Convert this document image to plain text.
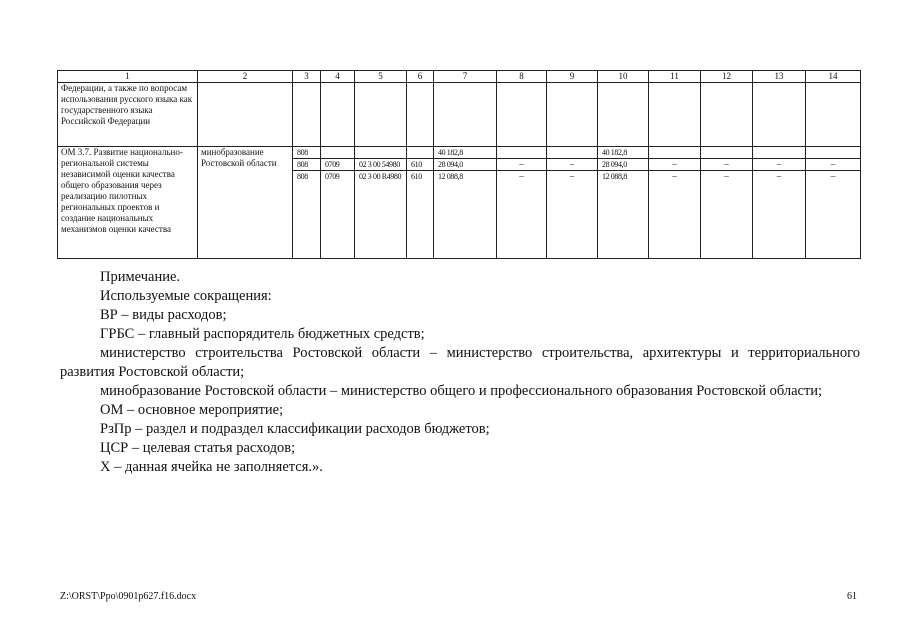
1	2	3	4	5	6	7	8	9	10	11	12	13	14
Федерации, а также по вопросам использования русского языка как государственного языка Российской Федерации													
ОМ 3.7. Развитие национально-региональной системы независимой оценки качества общего образования через реализацию пилотных региональных проектов и создание национальных механизмов оценки качества	минобразование Ростовской области	808				40 182,8			40 182,8				
		808	0709	02 3 00 54980	610	28 094,0	–	–	28 094,0	–	–	–	–
		808	0709	02 3 00 R4980	610	12 088,8	–	–	12 088,8	–	–	–	–

Примечание.

Используемые сокращения:

ВР – виды расходов;

ГРБС – главный распорядитель бюджетных средств;

министерство строительства Ростовской области – министерство строительства, архитектуры и территориального развития Ростовской области;

минобразование Ростовской области – министерство общего и профессионального образования Ростовской области;

ОМ – основное мероприятие;

РзПр – раздел и подраздел классификации расходов бюджетов;

ЦСР – целевая статья расходов;

Х – данная ячейка не заполняется.».

Z:\ORST\Ppo\0901p627.f16.docx	61
